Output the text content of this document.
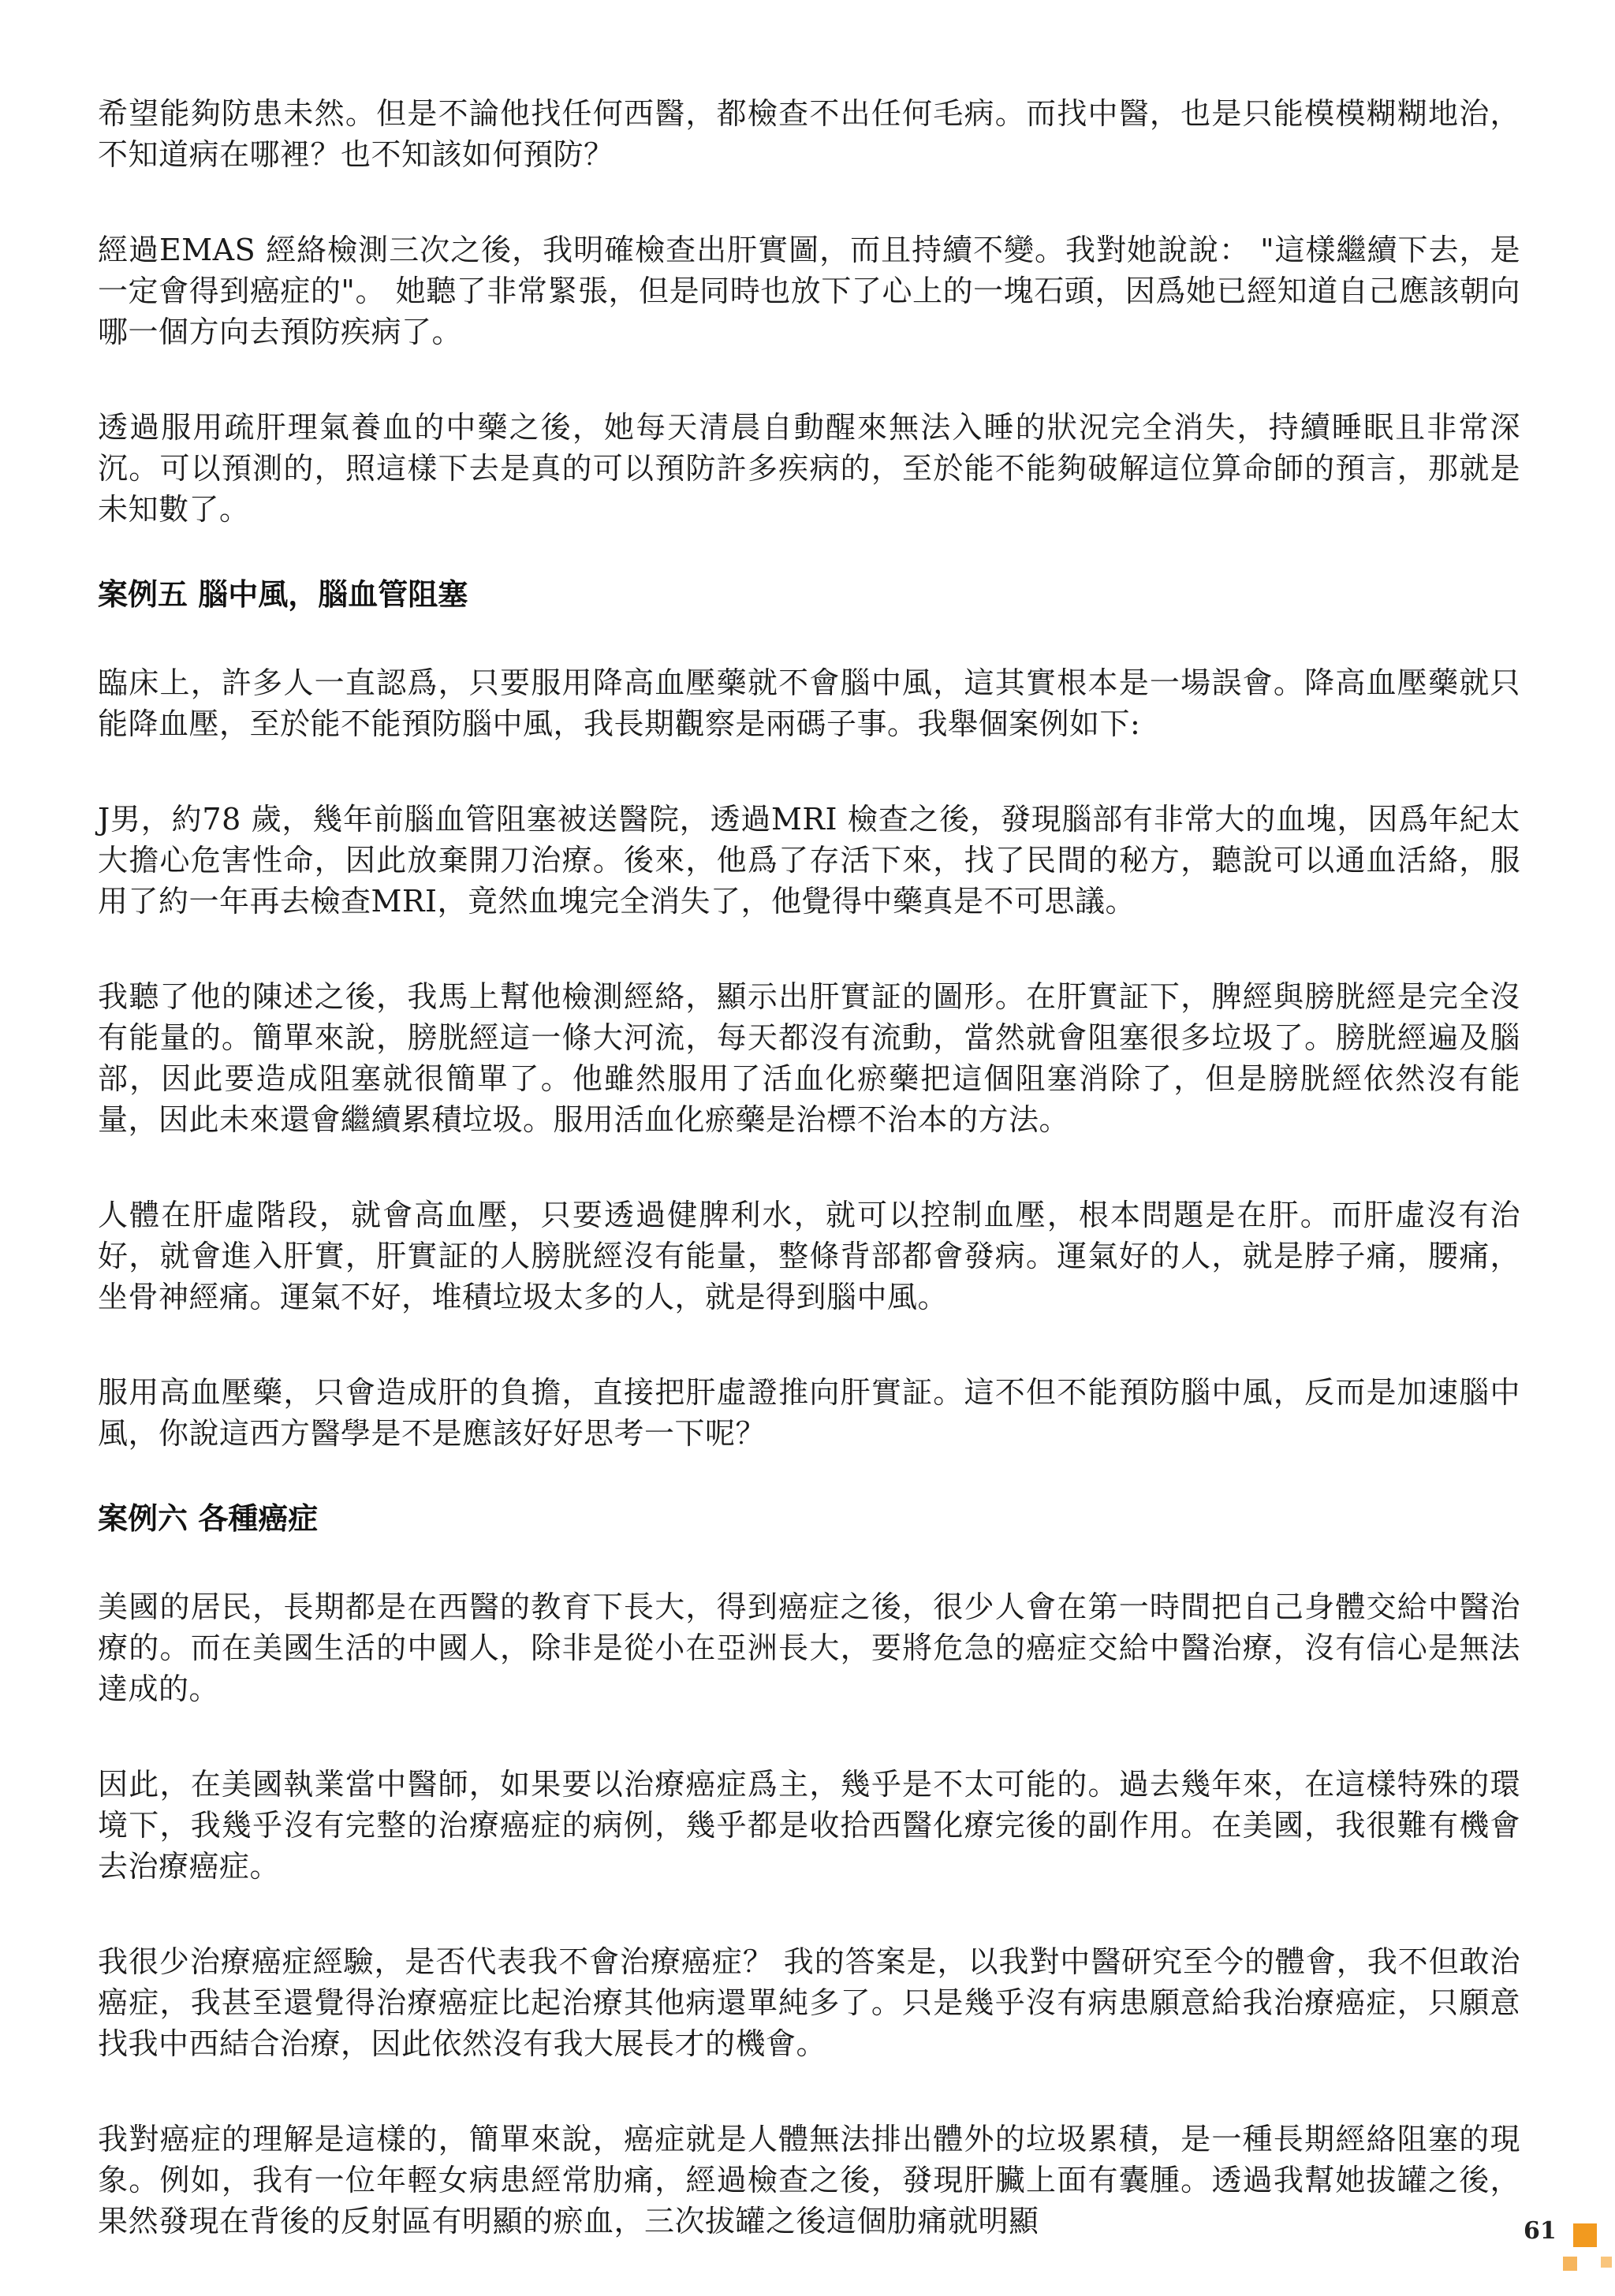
希望能夠防患未然。但是不論他找任何西醫，都檢查不出任何毛病。而找中醫，也是只能模模糊糊地治，不知道病在哪裡？也不知該如何預防？

經過EMAS 經絡檢測三次之後，我明確檢查出肝實圖，而且持續不變。我對她說說： "這樣繼續下去，是一定會得到癌症的"。 她聽了非常緊張，但是同時也放下了心上的一塊石頭，因爲她已經知道自己應該朝向哪一個方向去預防疾病了。

透過服用疏肝理氣養血的中藥之後，她每天清晨自動醒來無法入睡的狀況完全消失，持續睡眠且非常深沉。可以預測的，照這樣下去是真的可以預防許多疾病的，至於能不能夠破解這位算命師的預言，那就是未知數了。

案例五 腦中風，腦血管阻塞

臨床上，許多人一直認爲，只要服用降高血壓藥就不會腦中風，這其實根本是一場誤會。降高血壓藥就只能降血壓，至於能不能預防腦中風，我長期觀察是兩碼子事。我舉個案例如下:

J男，約78 歲，幾年前腦血管阻塞被送醫院，透過MRI 檢查之後，發現腦部有非常大的血塊，因爲年紀太大擔心危害性命，因此放棄開刀治療。後來，他爲了存活下來，找了民間的秘方，聽說可以通血活絡，服用了約一年再去檢查MRI，竟然血塊完全消失了，他覺得中藥真是不可思議。

我聽了他的陳述之後，我馬上幫他檢測經絡，顯示出肝實証的圖形。在肝實証下，脾經與膀胱經是完全沒有能量的。簡單來說，膀胱經這一條大河流，每天都沒有流動，當然就會阻塞很多垃圾了。膀胱經遍及腦部，因此要造成阻塞就很簡單了。他雖然服用了活血化瘀藥把這個阻塞消除了，但是膀胱經依然沒有能量，因此未來還會繼續累積垃圾。服用活血化瘀藥是治標不治本的方法。

人體在肝虛階段，就會高血壓，只要透過健脾利水，就可以控制血壓，根本問題是在肝。而肝虛沒有治好，就會進入肝實，肝實証的人膀胱經沒有能量，整條背部都會發病。運氣好的人，就是脖子痛，腰痛，坐骨神經痛。運氣不好，堆積垃圾太多的人，就是得到腦中風。

服用高血壓藥，只會造成肝的負擔，直接把肝虛證推向肝實証。這不但不能預防腦中風，反而是加速腦中風，你說這西方醫學是不是應該好好思考一下呢？

案例六 各種癌症

美國的居民，長期都是在西醫的教育下長大，得到癌症之後，很少人會在第一時間把自己身體交給中醫治療的。而在美國生活的中國人，除非是從小在亞洲長大，要將危急的癌症交給中醫治療，沒有信心是無法達成的。

因此，在美國執業當中醫師，如果要以治療癌症爲主，幾乎是不太可能的。過去幾年來，在這樣特殊的環境下，我幾乎沒有完整的治療癌症的病例，幾乎都是收拾西醫化療完後的副作用。在美國，我很難有機會去治療癌症。

我很少治療癌症經驗，是否代表我不會治療癌症？ 我的答案是，以我對中醫研究至今的體會，我不但敢治癌症，我甚至還覺得治療癌症比起治療其他病還單純多了。只是幾乎沒有病患願意給我治療癌症，只願意找我中西結合治療，因此依然沒有我大展長才的機會。

我對癌症的理解是這樣的，簡單來說，癌症就是人體無法排出體外的垃圾累積，是一種長期經絡阻塞的現象。例如，我有一位年輕女病患經常肋痛，經過檢查之後，發現肝臟上面有囊腫。透過我幫她拔罐之後，果然發現在背後的反射區有明顯的瘀血，三次拔罐之後這個肋痛就明顯	61
